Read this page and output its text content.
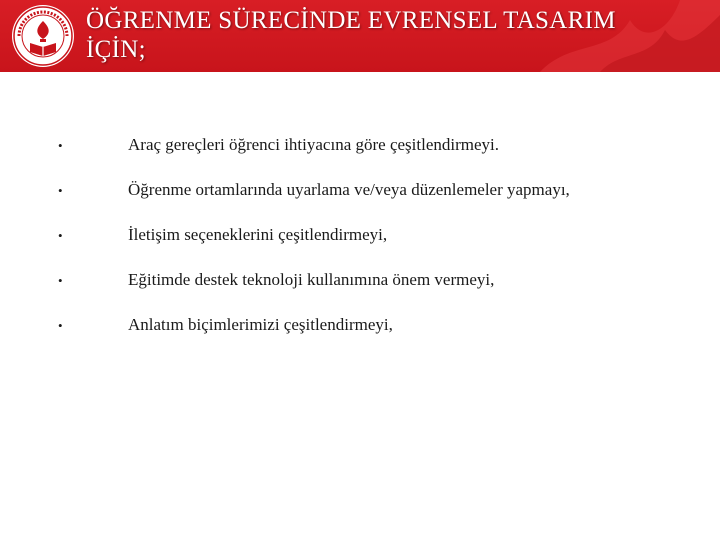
ÖĞRENME SÜRECİNDE EVRENSEL TASARIM
İÇİN;
•	Araç gereçleri öğrenci ihtiyacına göre çeşitlendirmeyi.
•	Öğrenme ortamlarında uyarlama ve/veya düzenlemeler yapmayı,
•	İletişim seçeneklerini çeşitlendirmeyi,
•	Eğitimde destek teknoloji kullanımına önem vermeyi,
•	Anlatım biçimlerimizi çeşitlendirmeyi,
